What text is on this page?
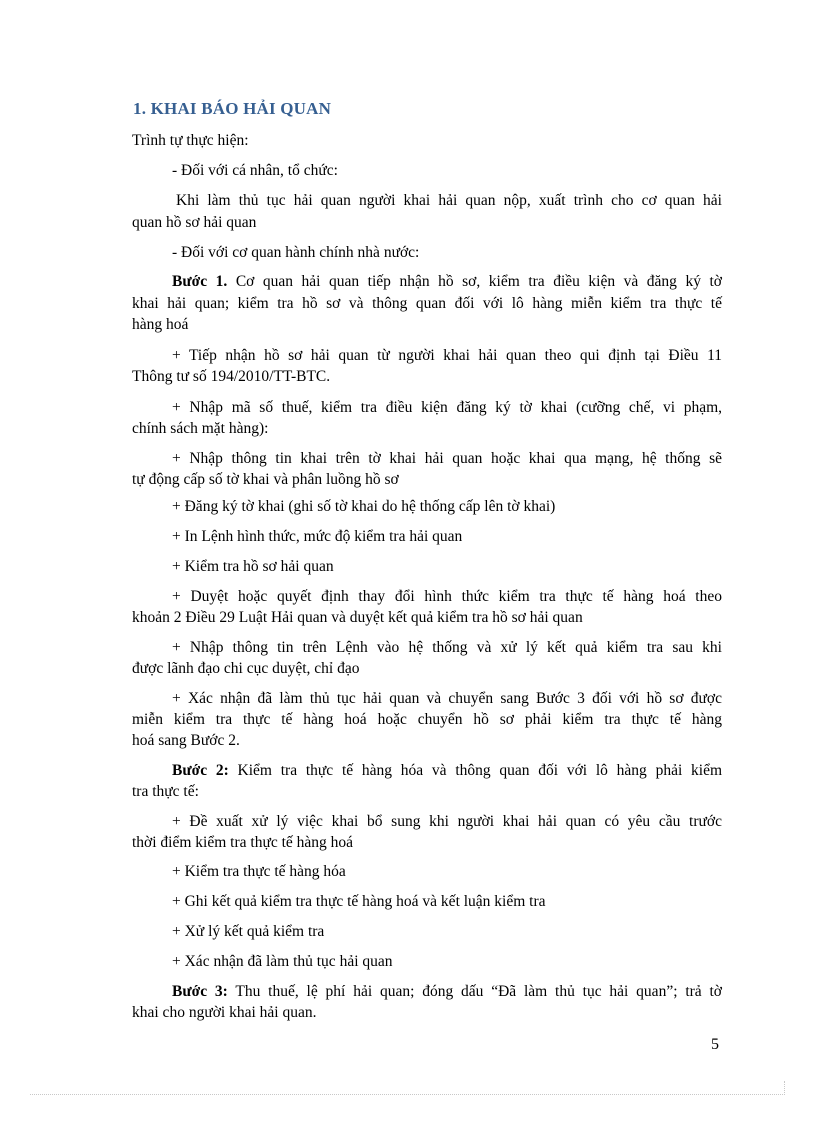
1. KHAI BÁO HẢI QUAN
Trình tự thực hiện:
- Đối với cá nhân, tổ chức:
Khi làm thủ tục hải quan người khai hải quan nộp, xuất trình cho cơ quan hải
quan hồ sơ hải quan
- Đối với cơ quan hành chính nhà nước:
Bước 1. Cơ quan hải quan tiếp nhận hồ sơ, kiểm tra điều kiện và đăng ký tờ
khai hải quan; kiểm tra hồ sơ và thông quan đối với lô hàng miễn kiểm tra thực tế
hàng hoá
+ Tiếp nhận hồ sơ hải quan từ người khai hải quan theo qui định tại Điều 11
Thông tư số 194/2010/TT-BTC.
+ Nhập mã số thuế, kiểm tra điều kiện đăng ký tờ khai (cưỡng chế, vi phạm,
chính sách mặt hàng):
+ Nhập thông tin khai trên tờ khai hải quan hoặc khai qua mạng, hệ thống sẽ
tự động cấp số tờ khai và phân luồng hồ sơ
+ Đăng ký tờ khai (ghi số tờ khai do hệ thống cấp lên tờ khai)
+ In Lệnh hình thức, mức độ kiểm tra hải quan
+ Kiểm tra hồ sơ hải quan
+ Duyệt hoặc quyết định thay đổi hình thức kiểm tra thực tế hàng hoá theo
khoản 2 Điều 29 Luật Hải quan và duyệt kết quả kiểm tra hồ sơ hải quan
+ Nhập thông tin trên Lệnh vào hệ thống và xử lý kết quả kiểm tra sau khi
được lãnh đạo chi cục duyệt, chỉ đạo
+ Xác nhận đã làm thủ tục hải quan và chuyển sang Bước 3 đối với hồ sơ được
miễn kiểm tra thực tế hàng hoá hoặc chuyển hồ sơ phải kiểm tra thực tế hàng
hoá sang Bước 2.
Bước 2: Kiểm tra thực tế hàng hóa và thông quan đối với lô hàng phải kiểm
tra thực tế:
+ Đề xuất xử lý việc khai bổ sung khi người khai hải quan có yêu cầu trước
thời điểm kiểm tra thực tế hàng hoá
+ Kiểm tra thực tế hàng hóa
+ Ghi kết quả kiểm tra thực tế hàng hoá và kết luận kiểm tra
+ Xử lý kết quả kiểm tra
+ Xác nhận đã làm thủ tục hải quan
Bước 3: Thu thuế, lệ phí hải quan; đóng dấu “Đã làm thủ tục hải quan”; trả tờ
khai cho người khai hải quan.
5
